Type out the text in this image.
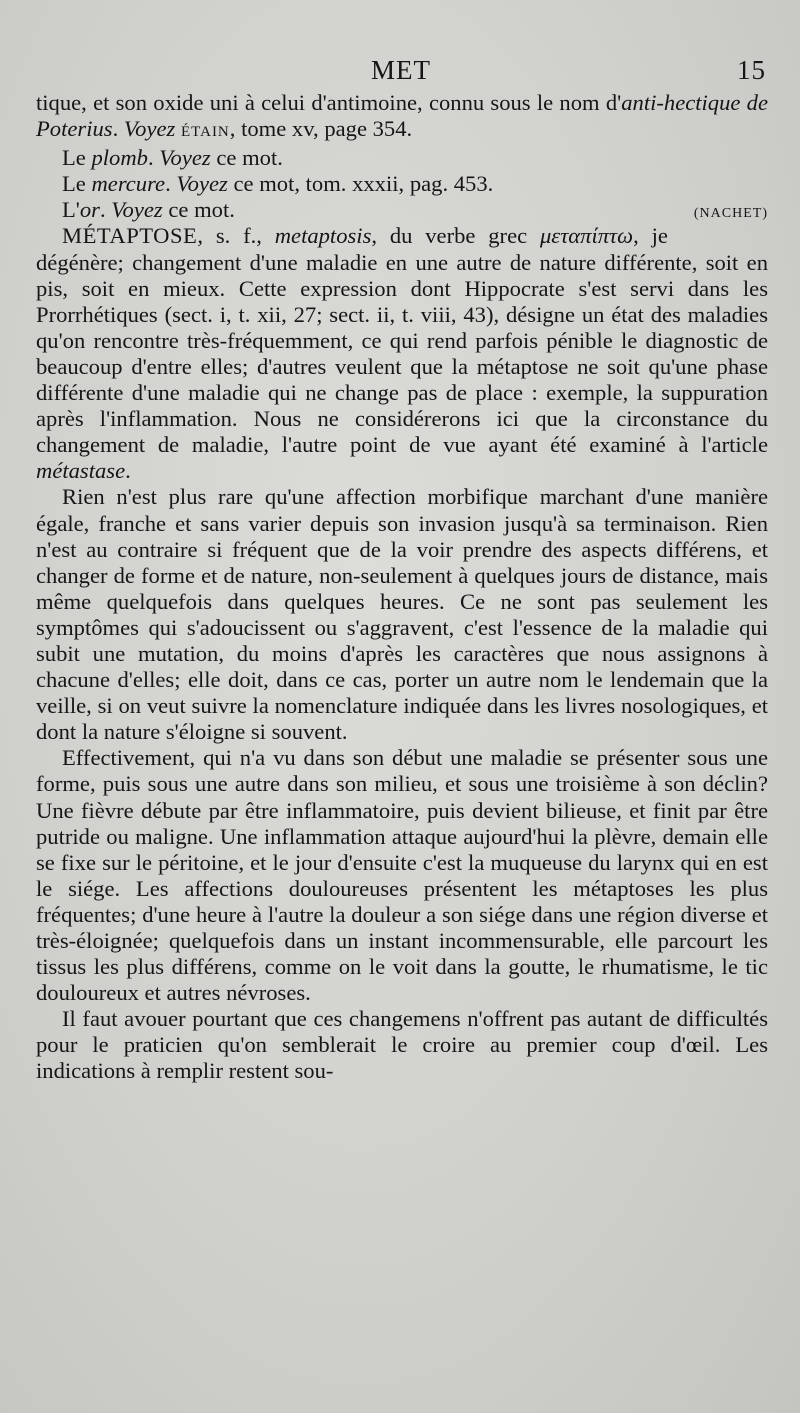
MET	15

tique, et son oxide uni à celui d'antimoine, connu sous le nom d'anti-hectique de Poterius. Voyez ÉTAIN, tome xv, page 354.

Le plomb. Voyez ce mot.

Le mercure. Voyez ce mot, tom. xxxii, pag. 453.

L'or. Voyez ce mot.	(NACHET)

MÉTAPTOSE, s. f., metaptosis, du verbe grec μεταπίπτω, je dégénère; changement d'une maladie en une autre de nature différente, soit en pis, soit en mieux. Cette expression dont Hippocrate s'est servi dans les Prorrhétiques (sect. i, t. xii, 27; sect. ii, t. viii, 43), désigne un état des maladies qu'on rencontre très-fréquemment, ce qui rend parfois pénible le diagnostic de beaucoup d'entre elles; d'autres veulent que la métaptose ne soit qu'une phase différente d'une maladie qui ne change pas de place : exemple, la suppuration après l'inflammation. Nous ne considérerons ici que la circonstance du changement de maladie, l'autre point de vue ayant été examiné à l'article métastase.

Rien n'est plus rare qu'une affection morbifique marchant d'une manière égale, franche et sans varier depuis son invasion jusqu'à sa terminaison. Rien n'est au contraire si fréquent que de la voir prendre des aspects différens, et changer de forme et de nature, non-seulement à quelques jours de distance, mais même quelquefois dans quelques heures. Ce ne sont pas seulement les symptômes qui s'adoucissent ou s'aggravent, c'est l'essence de la maladie qui subit une mutation, du moins d'après les caractères que nous assignons à chacune d'elles; elle doit, dans ce cas, porter un autre nom le lendemain que la veille, si on veut suivre la nomenclature indiquée dans les livres nosologiques, et dont la nature s'éloigne si souvent.

Effectivement, qui n'a vu dans son début une maladie se présenter sous une forme, puis sous une autre dans son milieu, et sous une troisième à son déclin? Une fièvre débute par être inflammatoire, puis devient bilieuse, et finit par être putride ou maligne. Une inflammation attaque aujourd'hui la plèvre, demain elle se fixe sur le péritoine, et le jour d'ensuite c'est la muqueuse du larynx qui en est le siége. Les affections douloureuses présentent les métaptoses les plus fréquentes; d'une heure à l'autre la douleur a son siége dans une région diverse et très-éloignée; quelquefois dans un instant incommensurable, elle parcourt les tissus les plus différens, comme on le voit dans la goutte, le rhumatisme, le tic douloureux et autres névroses.

Il faut avouer pourtant que ces changemens n'offrent pas autant de difficultés pour le praticien qu'on semblerait le croire au premier coup d'œil. Les indications à remplir restent sou-
